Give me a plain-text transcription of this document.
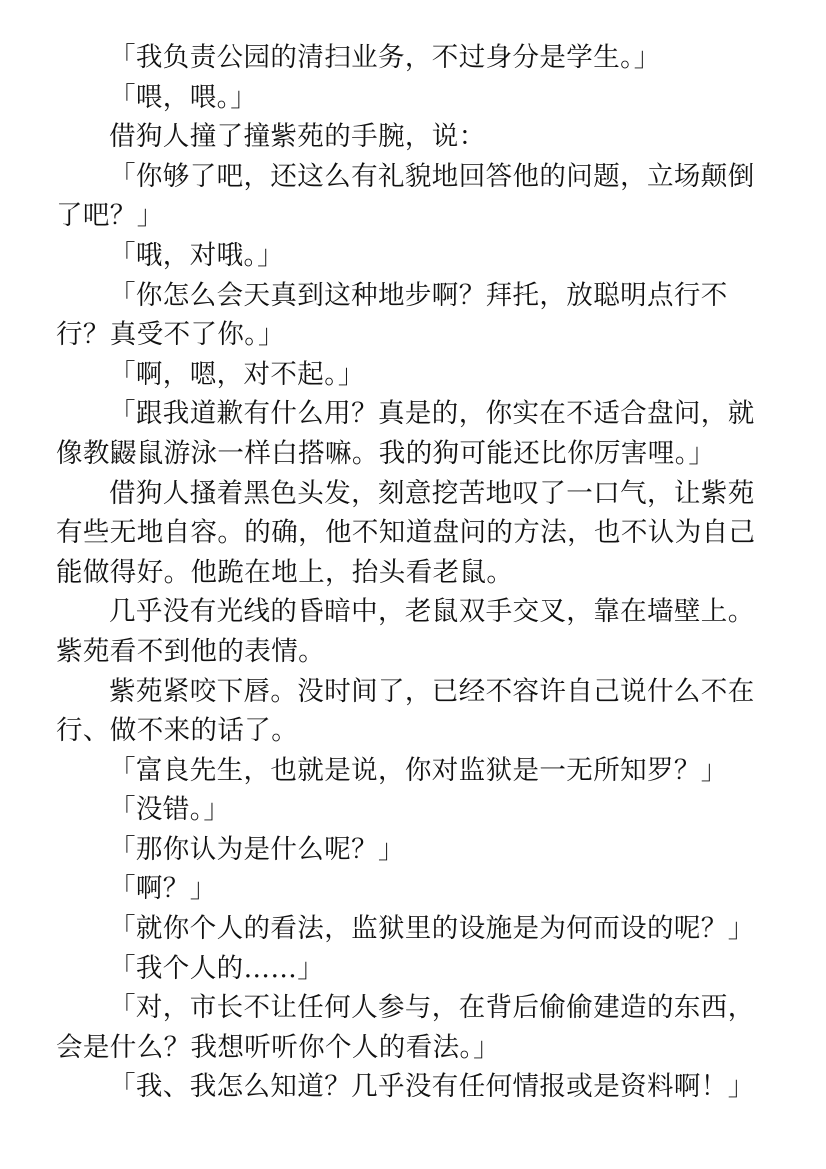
「我负责公园的清扫业务，不过身分是学生。」

「喂，喂。」

借狗人撞了撞紫苑的手腕，说：

「你够了吧，还这么有礼貌地回答他的问题，立场颠倒了吧？」

「哦，对哦。」

「你怎么会天真到这种地步啊？拜托，放聪明点行不行？真受不了你。」

「啊，嗯，对不起。」

「跟我道歉有什么用？真是的，你实在不适合盘问，就像教鼹鼠游泳一样白搭嘛。我的狗可能还比你厉害哩。」

借狗人搔着黑色头发，刻意挖苦地叹了一口气，让紫苑有些无地自容。的确，他不知道盘问的方法，也不认为自己能做得好。他跪在地上，抬头看老鼠。

几乎没有光线的昏暗中，老鼠双手交叉，靠在墙壁上。紫苑看不到他的表情。

紫苑紧咬下唇。没时间了，已经不容许自己说什么不在行、做不来的话了。

「富良先生，也就是说，你对监狱是一无所知罗？」

「没错。」

「那你认为是什么呢？」

「啊？」

「就你个人的看法，监狱里的设施是为何而设的呢？」

「我个人的……」

「对，市长不让任何人参与，在背后偷偷建造的东西，会是什么？我想听听你个人的看法。」

「我、我怎么知道？几乎没有任何情报或是资料啊！」
